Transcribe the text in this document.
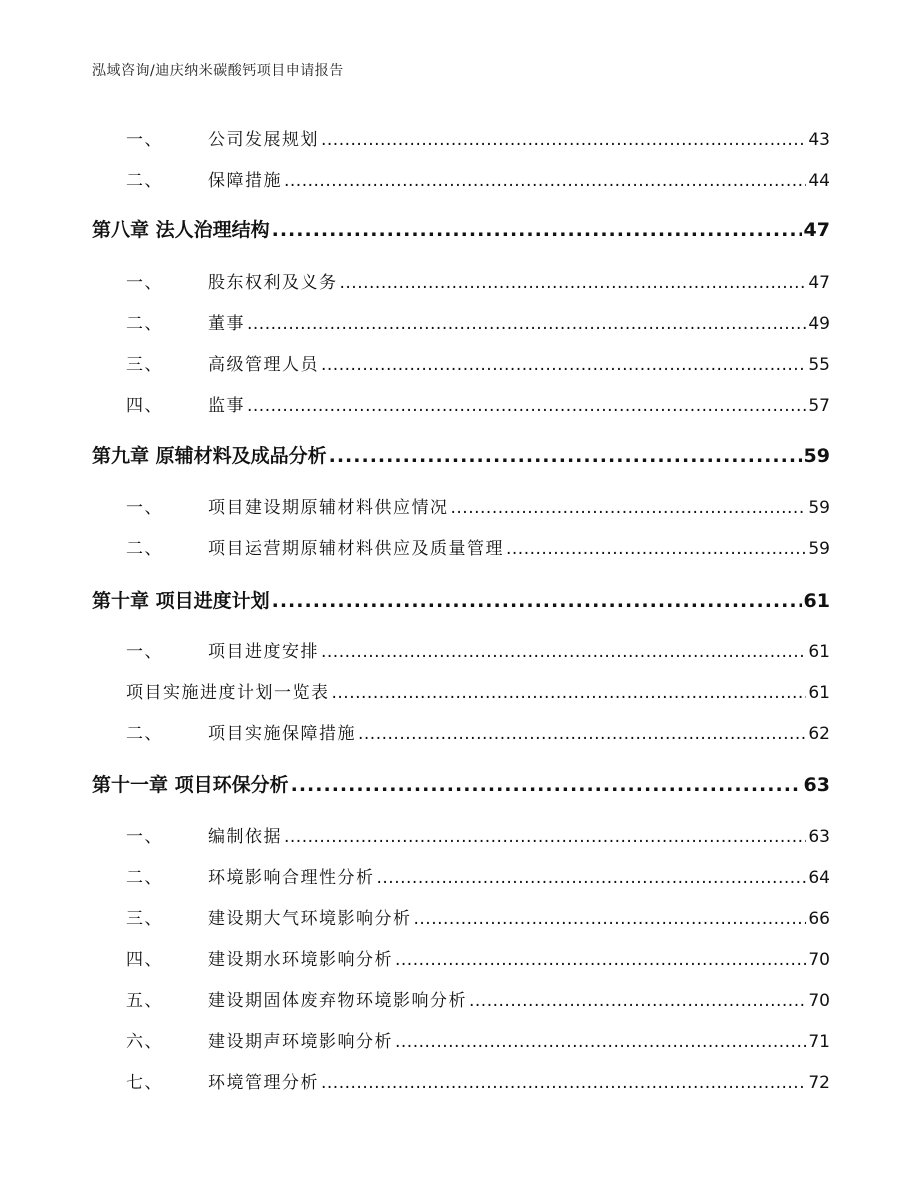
泓域咨询/迪庆纳米碳酸钙项目申请报告
一、	公司发展规划 .....	43
二、	保障措施 .....	44
第八章 法人治理结构 .....	47
一、	股东权利及义务 .....	47
二、	董事 .....	49
三、	高级管理人员 .....	55
四、	监事 .....	57
第九章 原辅材料及成品分析 .....	59
一、	项目建设期原辅材料供应情况 .....	59
二、	项目运营期原辅材料供应及质量管理 .....	59
第十章 项目进度计划 .....	61
一、	项目进度安排 .....	61
项目实施进度计划一览表 .....	61
二、	项目实施保障措施 .....	62
第十一章 项目环保分析 .....	63
一、	编制依据 .....	63
二、	环境影响合理性分析 .....	64
三、	建设期大气环境影响分析 .....	66
四、	建设期水环境影响分析 .....	70
五、	建设期固体废弃物环境影响分析 .....	70
六、	建设期声环境影响分析 .....	71
七、	环境管理分析 .....	72
